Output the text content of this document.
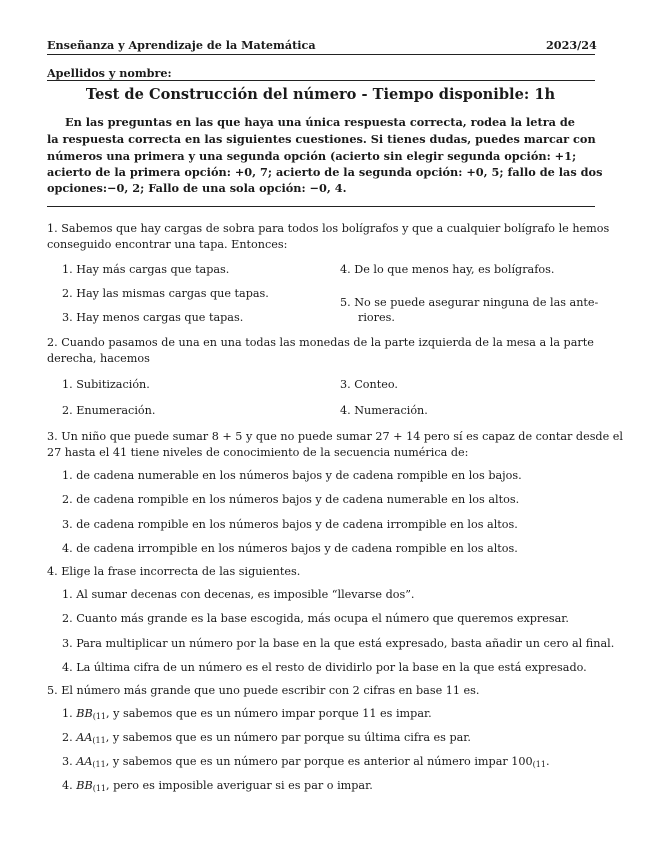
Enseñanza y Aprendizaje de la Matemática	2023/24
Apellidos y nombre:
Test de Construcción del número - Tiempo disponible: 1h
En las preguntas en las que haya una única respuesta correcta, rodea la letra de
la respuesta correcta en las siguientes cuestiones. Si tienes dudas, puedes marcar con
números una primera y una segunda opción (acierto sin elegir segunda opción: +1;
acierto de la primera opción: +0, 7; acierto de la segunda opción: +0, 5; fallo de las dos
opciones:−0, 2; Fallo de una sola opción: −0, 4.
1. Sabemos que hay cargas de sobra para todos los bolígrafos y que a cualquier bolígrafo le hemos
conseguido encontrar una tapa. Entonces:
1. Hay más cargas que tapas.
2. Hay las mismas cargas que tapas.
3. Hay menos cargas que tapas.
4. De lo que menos hay, es bolígrafos.
5. No se puede asegurar ninguna de las ante-
riores.
2. Cuando pasamos de una en una todas las monedas de la parte izquierda de la mesa a la parte
derecha, hacemos
1. Subitización.
2. Enumeración.
3. Conteo.
4. Numeración.
3. Un niño que puede sumar 8 + 5 y que no puede sumar 27 + 14 pero sí es capaz de contar desde el
27 hasta el 41 tiene niveles de conocimiento de la secuencia numérica de:
1. de cadena numerable en los números bajos y de cadena rompible en los bajos.
2. de cadena rompible en los números bajos y de cadena numerable en los altos.
3. de cadena rompible en los números bajos y de cadena irrompible en los altos.
4. de cadena irrompible en los números bajos y de cadena rompible en los altos.
4. Elige la frase incorrecta de las siguientes.
1. Al sumar decenas con decenas, es imposible “llevarse dos”.
2. Cuanto más grande es la base escogida, más ocupa el número que queremos expresar.
3. Para multiplicar un número por la base en la que está expresado, basta añadir un cero al final.
4. La última cifra de un número es el resto de dividirlo por la base en la que está expresado.
5. El número más grande que uno puede escribir con 2 cifras en base 11 es.
1. $BB_{(11}$, y sabemos que es un número impar porque 11 es impar.
2. $AA_{(11}$, y sabemos que es un número par porque su última cifra es par.
3. $AA_{(11}$, y sabemos que es un número par porque es anterior al número impar $100_{(11}$.
4. $BB_{(11}$, pero es imposible averiguar si es par o impar.
